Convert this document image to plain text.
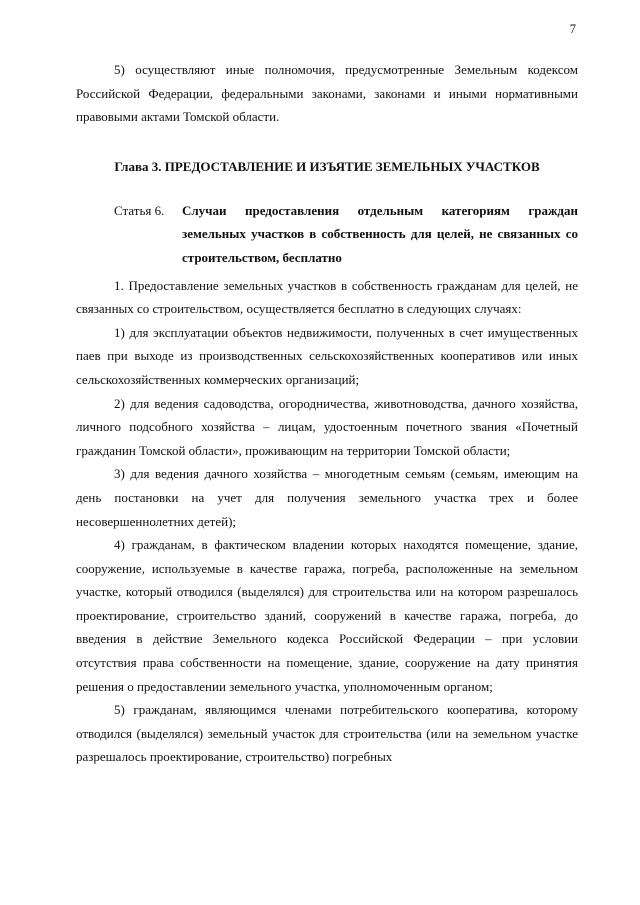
7

5) осуществляют иные полномочия, предусмотренные Земельным кодексом Российской Федерации, федеральными законами, законами и иными нормативными правовыми актами Томской области.

Глава 3. ПРЕДОСТАВЛЕНИЕ И ИЗЪЯТИЕ ЗЕМЕЛЬНЫХ УЧАСТКОВ
Статья 6.	Случаи предоставления отдельным категориям граждан земельных участков в собственность для целей, не связанных со строительством, бесплатно

1. Предоставление земельных участков в собственность гражданам для целей, не связанных со строительством, осуществляется бесплатно в следующих случаях:

1) для эксплуатации объектов недвижимости, полученных в счет имущественных паев при выходе из производственных сельскохозяйственных кооперативов или иных сельскохозяйственных коммерческих организаций;

2) для ведения садоводства, огородничества, животноводства, дачного хозяйства, личного подсобного хозяйства – лицам, удостоенным почетного звания «Почетный гражданин Томской области», проживающим на территории Томской области;

3) для ведения дачного хозяйства – многодетным семьям (семьям, имеющим на день постановки на учет для получения земельного участка трех и более несовершеннолетних детей);

4) гражданам, в фактическом владении которых находятся помещение, здание, сооружение, используемые в качестве гаража, погреба, расположенные на земельном участке, который отводился (выделялся) для строительства или на котором разрешалось проектирование, строительство зданий, сооружений в качестве гаража, погреба, до введения в действие Земельного кодекса Российской Федерации – при условии отсутствия права собственности на помещение, здание, сооружение на дату принятия решения о предоставлении земельного участка, уполномоченным органом;

5) гражданам, являющимся членами потребительского кооператива, которому отводился (выделялся) земельный участок для строительства (или на земельном участке разрешалось проектирование, строительство) погребных
